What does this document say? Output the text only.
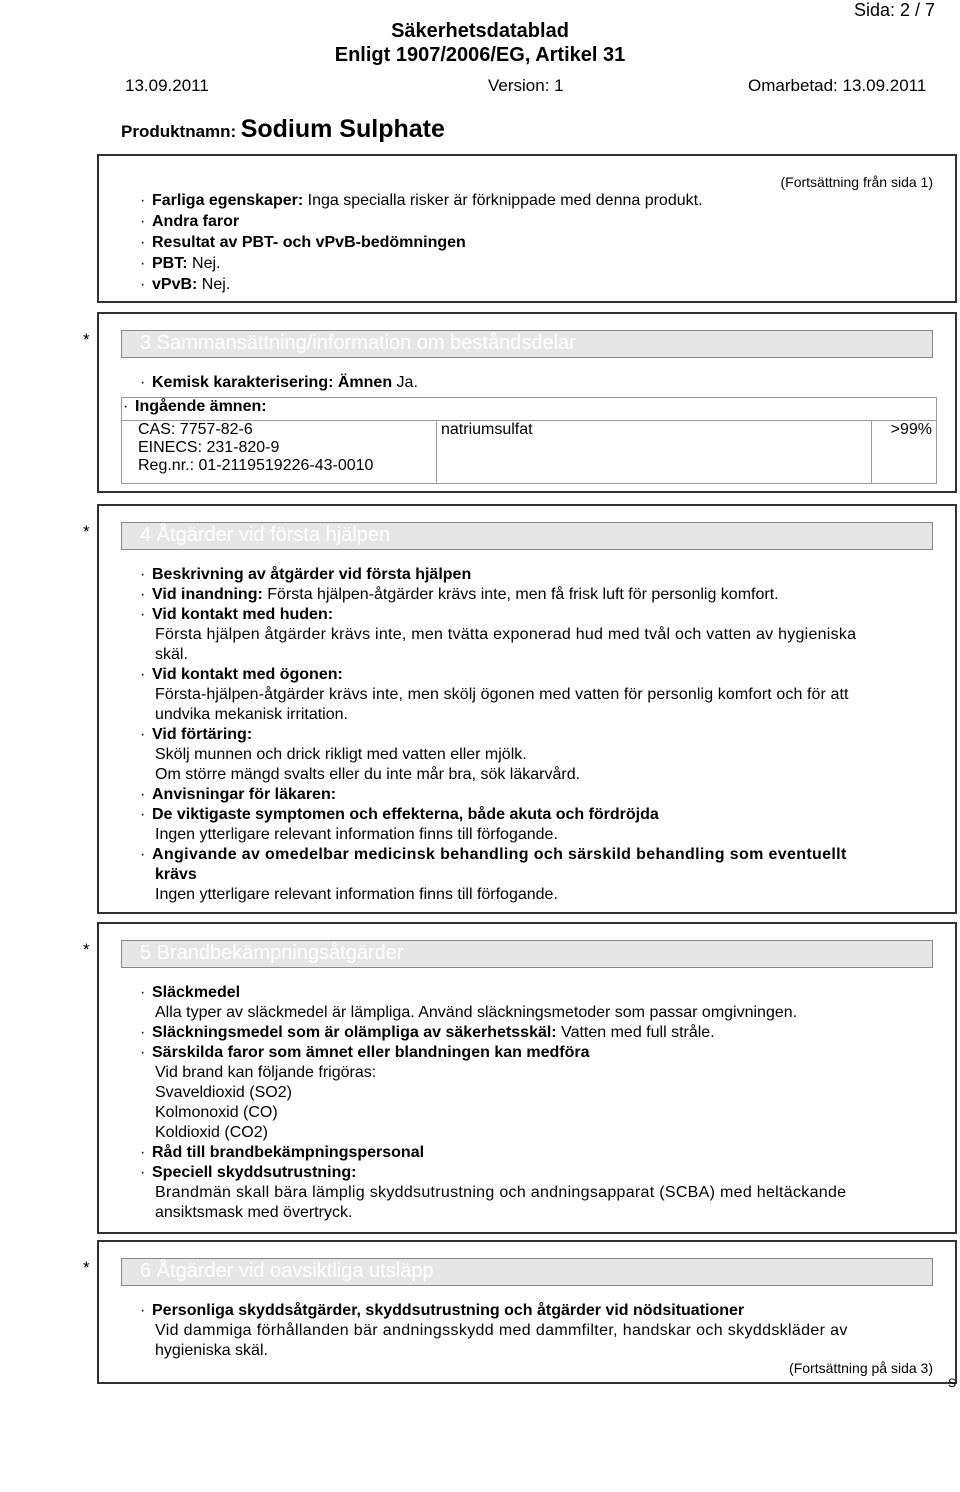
Sida: 2 / 7
Säkerhetsdatablad
Enligt 1907/2006/EG, Artikel 31
13.09.2011	Version: 1	Omarbetad: 13.09.2011
Produktnamn: Sodium Sulphate
(Fortsättning från sida 1)
· Farliga egenskaper: Inga specialla risker är förknippade med denna produkt.
· Andra faror
· Resultat av PBT- och vPvB-bedömningen
· PBT: Nej.
· vPvB: Nej.
*	3 Sammansättning/information om beståndsdelar
· Kemisk karakterisering: Ämnen Ja.
· Ingående ämnen:

CAS: 7757-82-6
EINECS: 231-820-9
Reg.nr.: 01-2119519226-43-0010
	natriumsulfat	>99%
*	4 Åtgärder vid första hjälpen
· Beskrivning av åtgärder vid första hjälpen
· Vid inandning: Första hjälpen-åtgärder krävs inte, men få frisk luft för personlig komfort.
· Vid kontakt med huden:
Första hjälpen åtgärder krävs inte, men tvätta exponerad hud med tvål och vatten av hygieniska
skäl.
· Vid kontakt med ögonen:
Första-hjälpen-åtgärder krävs inte, men skölj ögonen med vatten för personlig komfort och för att
undvika mekanisk irritation.
· Vid förtäring:
Skölj munnen och drick rikligt med vatten eller mjölk.
Om större mängd svalts eller du inte mår bra, sök läkarvård.
· Anvisningar för läkaren:
· De viktigaste symptomen och effekterna, både akuta och fördröjda
Ingen ytterligare relevant information finns till förfogande.
· Angivande av omedelbar medicinsk behandling och särskild behandling som eventuellt
krävs
Ingen ytterligare relevant information finns till förfogande.
*	5 Brandbekämpningsåtgärder
· Släckmedel
Alla typer av släckmedel är lämpliga. Använd släckningsmetoder som passar omgivningen.
· Släckningsmedel som är olämpliga av säkerhetsskäl: Vatten med full stråle.
· Särskilda faror som ämnet eller blandningen kan medföra
Vid brand kan följande frigöras:
Svaveldioxid (SO2)
Kolmonoxid (CO)
Koldioxid (CO2)
· Råd till brandbekämpningspersonal
· Speciell skyddsutrustning:
Brandmän skall bära lämplig skyddsutrustning och andningsapparat (SCBA) med heltäckande
ansiktsmask med övertryck.
*	6 Åtgärder vid oavsiktliga utsläpp
· Personliga skyddsåtgärder, skyddsutrustning och åtgärder vid nödsituationer
Vid dammiga förhållanden bär andningsskydd med dammfilter, handskar och skyddskläder av
hygieniska skäl.
(Fortsättning på sida 3)
S
